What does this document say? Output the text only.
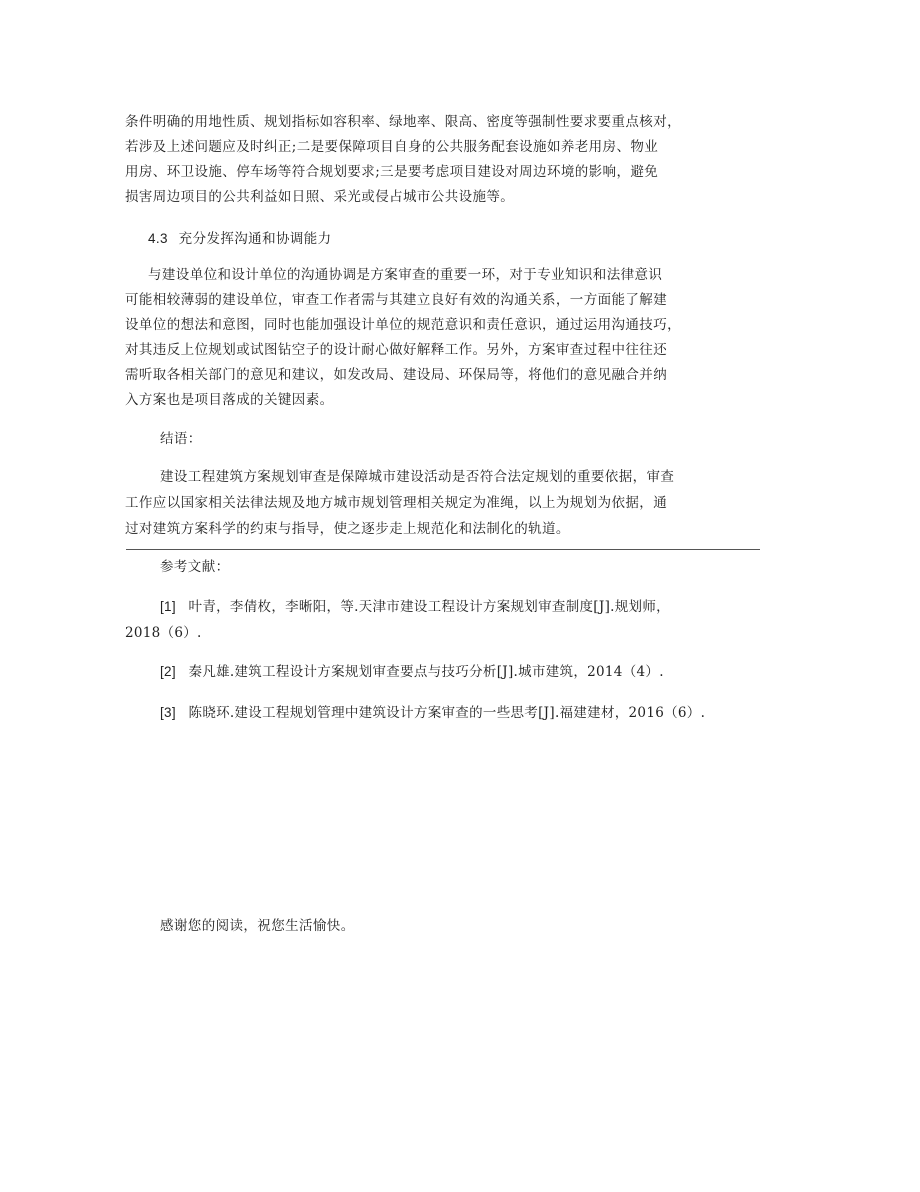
条件明确的用地性质、规划指标如容积率、绿地率、限高、密度等强制性要求要重点核对，
若涉及上述问题应及时纠正;二是要保障项目自身的公共服务配套设施如养老用房、物业
用房、环卫设施、停车场等符合规划要求;三是要考虑项目建设对周边环境的影响，避免
损害周边项目的公共利益如日照、采光或侵占城市公共设施等。
4.3 充分发挥沟通和协调能力
与建设单位和设计单位的沟通协调是方案审查的重要一环，对于专业知识和法律意识
可能相较薄弱的建设单位，审查工作者需与其建立良好有效的沟通关系，一方面能了解建
设单位的想法和意图，同时也能加强设计单位的规范意识和责任意识，通过运用沟通技巧，
对其违反上位规划或试图钻空子的设计耐心做好解释工作。另外，方案审查过程中往往还
需听取各相关部门的意见和建议，如发改局、建设局、环保局等，将他们的意见融合并纳
入方案也是项目落成的关键因素。
结语：
建设工程建筑方案规划审查是保障城市建设活动是否符合法定规划的重要依据，审查
工作应以国家相关法律法规及地方城市规划管理相关规定为准绳，以上为规划为依据，通
过对建筑方案科学的约束与指导，使之逐步走上规范化和法制化的轨道。
参考文献：
[1] 叶青，李倩枚，李晰阳，等.天津市建设工程设计方案规划审查制度[J].规划师，
2018（6）.
[2] 秦凡雄.建筑工程设计方案规划审查要点与技巧分析[J].城市建筑，2014（4）.
[3] 陈晓环.建设工程规划管理中建筑设计方案审查的一些思考[J].福建建材，2016（6）.
感谢您的阅读，祝您生活愉快。
